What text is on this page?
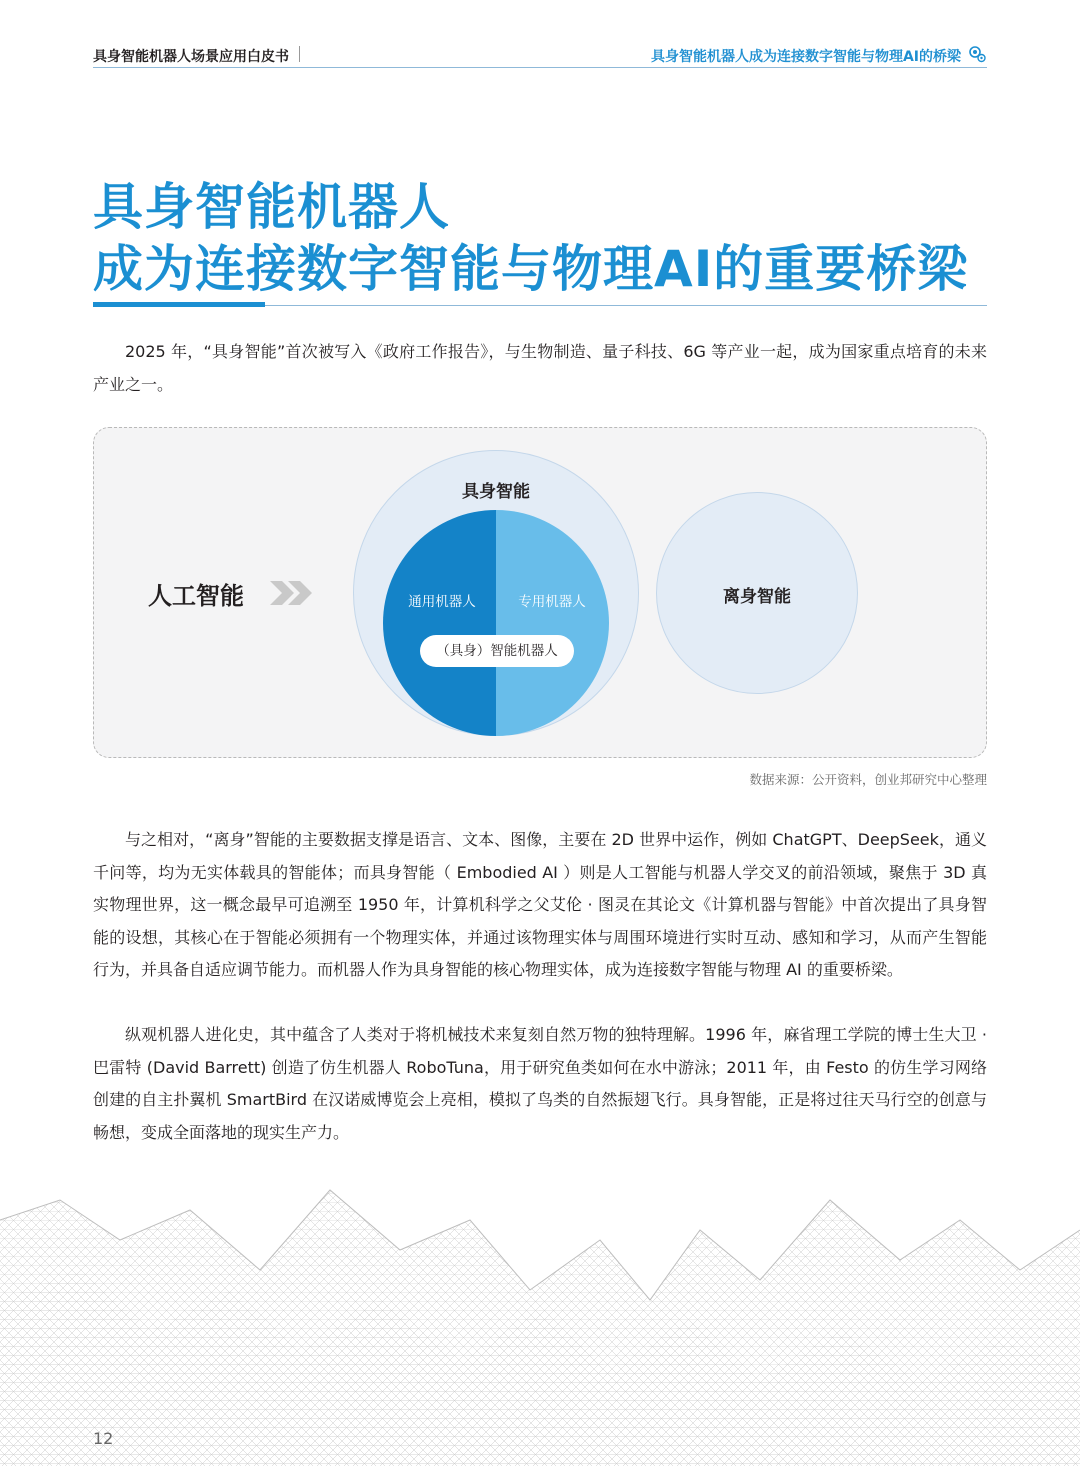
具身智能机器人场景应用白皮书	具身智能机器人成为连接数字智能与物理AI的桥梁
具身智能机器人
成为连接数字智能与物理AI的重要桥梁

2025 年，“具身智能”首次被写入《政府工作报告》，与生物制造、量子科技、6G 等产业一起，成为国家重点培育的未来产业之一。

人工智能
具身智能
通用机器人	专用机器人
（具身）智能机器人
离身智能
数据来源：公开资料，创业邦研究中心整理

与之相对，“离身”智能的主要数据支撑是语言、文本、图像，主要在 2D 世界中运作，例如 ChatGPT、DeepSeek，通义千问等，均为无实体载具的智能体；而具身智能（ Embodied AI ）则是人工智能与机器人学交叉的前沿领域，聚焦于 3D 真实物理世界，这一概念最早可追溯至 1950 年，计算机科学之父艾伦 · 图灵在其论文《计算机器与智能》中首次提出了具身智能的设想，其核心在于智能必须拥有一个物理实体，并通过该物理实体与周围环境进行实时互动、感知和学习，从而产生智能行为，并具备自适应调节能力。而机器人作为具身智能的核心物理实体，成为连接数字智能与物理 AI 的重要桥梁。

纵观机器人进化史，其中蕴含了人类对于将机械技术来复刻自然万物的独特理解。1996 年，麻省理工学院的博士生大卫 · 巴雷特 (David Barrett) 创造了仿生机器人 RoboTuna，用于研究鱼类如何在水中游泳；2011 年，由 Festo 的仿生学习网络创建的自主扑翼机 SmartBird 在汉诺威博览会上亮相，模拟了鸟类的自然振翅飞行。具身智能，正是将过往天马行空的创意与畅想，变成全面落地的现实生产力。

12
